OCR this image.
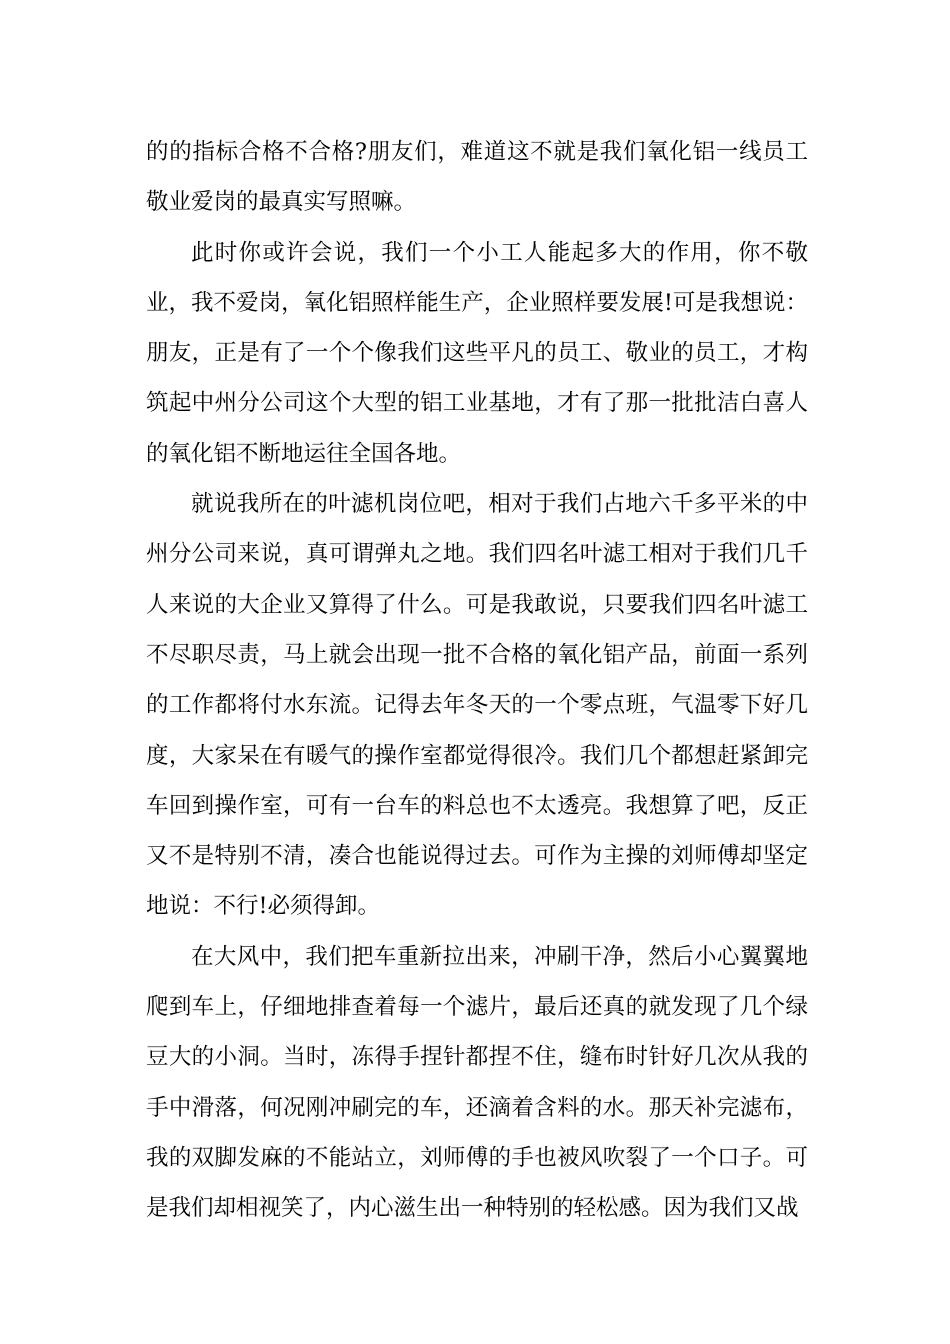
的的指标合格不合格?朋友们，难道这不就是我们氧化铝一线员工敬业爱岗的最真实写照嘛。

此时你或许会说，我们一个小工人能起多大的作用，你不敬业，我不爱岗，氧化铝照样能生产，企业照样要发展!可是我想说：朋友，正是有了一个个像我们这些平凡的员工、敬业的员工，才构筑起中州分公司这个大型的铝工业基地，才有了那一批批洁白喜人的氧化铝不断地运往全国各地。

就说我所在的叶滤机岗位吧，相对于我们占地六千多平米的中州分公司来说，真可谓弹丸之地。我们四名叶滤工相对于我们几千人来说的大企业又算得了什么。可是我敢说，只要我们四名叶滤工不尽职尽责，马上就会出现一批不合格的氧化铝产品，前面一系列的工作都将付水东流。记得去年冬天的一个零点班，气温零下好几度，大家呆在有暖气的操作室都觉得很冷。我们几个都想赶紧卸完车回到操作室，可有一台车的料总也不太透亮。我想算了吧，反正又不是特别不清，凑合也能说得过去。可作为主操的刘师傅却坚定地说：不行!必须得卸。

在大风中，我们把车重新拉出来，冲刷干净，然后小心翼翼地爬到车上，仔细地排查着每一个滤片，最后还真的就发现了几个绿豆大的小洞。当时，冻得手捏针都捏不住，缝布时针好几次从我的手中滑落，何况刚冲刷完的车，还滴着含料的水。那天补完滤布，我的双脚发麻的不能站立，刘师傅的手也被风吹裂了一个口子。可是我们却相视笑了，内心滋生出一种特别的轻松感。因为我们又战
